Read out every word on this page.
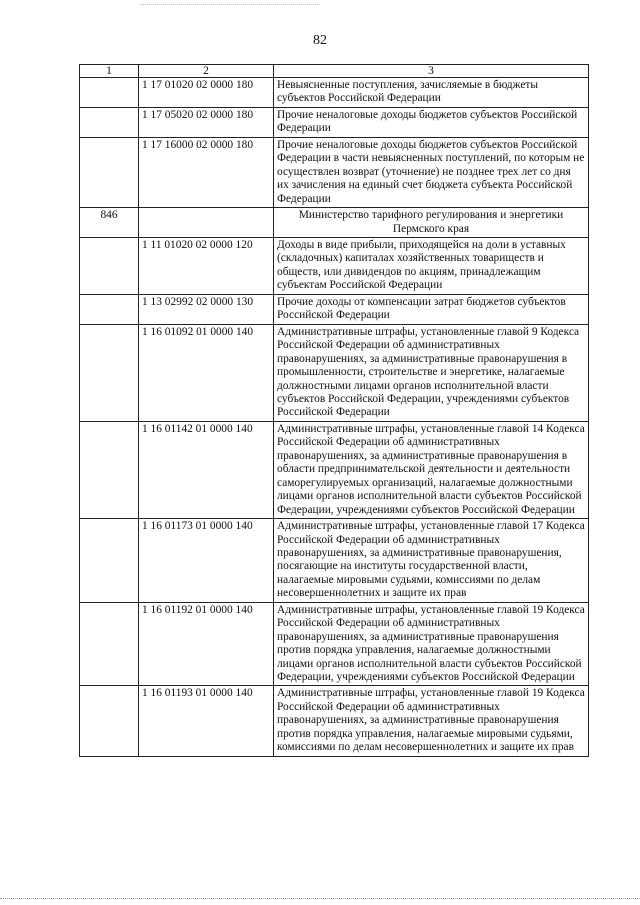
82
1	2	3
	1 17 01020 02 0000 180	Невыясненные поступления, зачисляемые в бюджеты субъектов Российской Федерации
	1 17 05020 02 0000 180	Прочие неналоговые доходы бюджетов субъектов Российской Федерации
	1 17 16000 02 0000 180	Прочие неналоговые доходы бюджетов субъектов Российской Федерации в части невыясненных поступлений, по которым не осуществлен возврат (уточнение) не позднее трех лет со дня их зачисления на единый счет бюджета субъекта Российской Федерации
846		Министерство тарифного регулирования и энергетики Пермского края
	1 11 01020 02 0000 120	Доходы в виде прибыли, приходящейся на доли в уставных (складочных) капиталах хозяйственных товариществ и обществ, или дивидендов по акциям, принадлежащим субъектам Российской Федерации
	1 13 02992 02 0000 130	Прочие доходы от компенсации затрат бюджетов субъектов Российской Федерации
	1 16 01092 01 0000 140	Административные штрафы, установленные главой 9 Кодекса Российской Федерации об административных правонарушениях, за административные правонарушения в промышленности, строительстве и энергетике, налагаемые должностными лицами органов исполнительной власти субъектов Российской Федерации, учреждениями субъектов Российской Федерации
	1 16 01142 01 0000 140	Административные штрафы, установленные главой 14 Кодекса Российской Федерации об административных правонарушениях, за административные правонарушения в области предпринимательской деятельности и деятельности саморегулируемых организаций, налагаемые должностными лицами органов исполнительной власти субъектов Российской Федерации, учреждениями субъектов Российской Федерации
	1 16 01173 01 0000 140	Административные штрафы, установленные главой 17 Кодекса Российской Федерации об административных правонарушениях, за административные правонарушения, посягающие на институты государственной власти, налагаемые мировыми судьями, комиссиями по делам несовершеннолетних и защите их прав
	1 16 01192 01 0000 140	Административные штрафы, установленные главой 19 Кодекса Российской Федерации об административных правонарушениях, за административные правонарушения против порядка управления, налагаемые должностными лицами органов исполнительной власти субъектов Российской Федерации, учреждениями субъектов Российской Федерации
	1 16 01193 01 0000 140	Административные штрафы, установленные главой 19 Кодекса Российской Федерации об административных правонарушениях, за административные правонарушения против порядка управления, налагаемые мировыми судьями, комиссиями по делам несовершеннолетних и защите их прав
